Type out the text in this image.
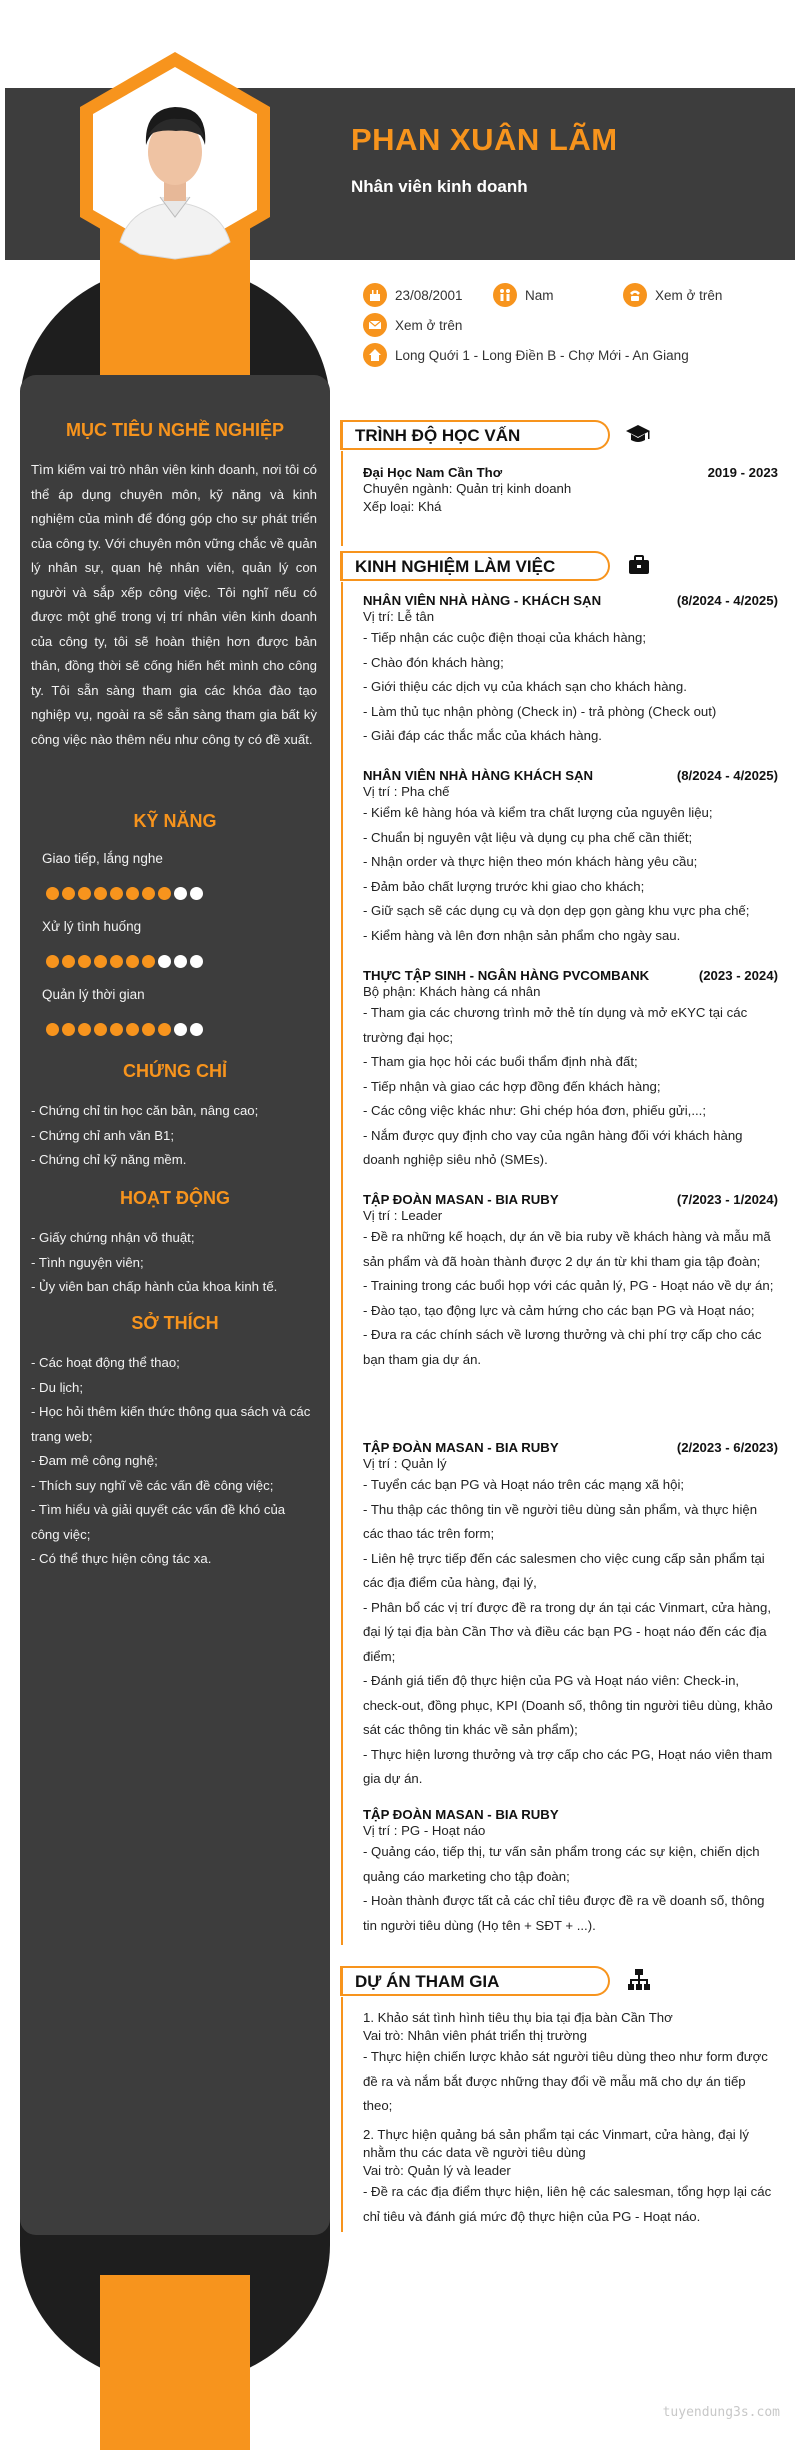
PHAN XUÂN LÃM
Nhân viên kinh doanh
23/08/2001	Nam	Xem ở trên
Xem ở trên
Long Quới 1 - Long Điền B - Chợ Mới - An Giang
MỤC TIÊU NGHỀ NGHIỆP
Tìm kiếm vai trò nhân viên kinh doanh, nơi tôi có thể áp dụng chuyên môn, kỹ năng và kinh nghiệm của mình để đóng góp cho sự phát triển của công ty. Với chuyên môn vững chắc về quản lý nhân sự, quan hệ nhân viên, quản lý con người và sắp xếp công việc. Tôi nghĩ nếu có được một ghế trong vị trí nhân viên kinh doanh của công ty, tôi sẽ hoàn thiện hơn được bản thân, đồng thời sẽ cống hiến hết mình cho công ty. Tôi sẵn sàng tham gia các khóa đào tạo nghiệp vụ, ngoài ra sẽ sẵn sàng tham gia bất kỳ công việc nào thêm nếu như công ty có đề xuất.
KỸ NĂNG
Giao tiếp, lắng nghe
Xử lý tình huống
Quản lý thời gian
CHỨNG CHỈ
- Chứng chỉ tin học căn bản, nâng cao;
- Chứng chỉ anh văn B1;
- Chứng chỉ kỹ năng mềm.
HOẠT ĐỘNG
- Giấy chứng nhận võ thuật;
- Tình nguyện viên;
- Ủy viên ban chấp hành của khoa kinh tế.
SỞ THÍCH
- Các hoạt động thể thao;
- Du lịch;
- Học hỏi thêm kiến thức thông qua sách và các trang web;
- Đam mê công nghệ;
- Thích suy nghĩ về các vấn đề công việc;
- Tìm hiểu và giải quyết các vấn đề khó của công việc;
- Có thể thực hiện công tác xa.
TRÌNH ĐỘ HỌC VẤN
Đại Học Nam Cần Thơ	2019 - 2023
Chuyên ngành: Quản trị kinh doanh
Xếp loại: Khá
KINH NGHIỆM LÀM VIỆC
NHÂN VIÊN NHÀ HÀNG - KHÁCH SẠN	(8/2024 - 4/2025)
Vị trí: Lễ tân
- Tiếp nhận các cuộc điện thoại của khách hàng;
- Chào đón khách hàng;
- Giới thiệu các dịch vụ của khách sạn cho khách hàng.
- Làm thủ tục nhận phòng (Check in) - trả phòng (Check out)
- Giải đáp các thắc mắc của khách hàng.
NHÂN VIÊN NHÀ HÀNG KHÁCH SẠN	(8/2024 - 4/2025)
Vị trí : Pha chế
- Kiểm kê hàng hóa và kiểm tra chất lượng của nguyên liệu;
- Chuẩn bị nguyên vật liệu và dụng cụ pha chế cần thiết;
- Nhận order và thực hiện theo món khách hàng yêu cầu;
- Đảm bảo chất lượng trước khi giao cho khách;
- Giữ sạch sẽ các dụng cụ và dọn dẹp gọn gàng khu vực pha chế;
- Kiểm hàng và lên đơn nhận sản phẩm cho ngày sau.
THỰC TẬP SINH - NGÂN HÀNG PVCOMBANK	(2023 - 2024)
Bộ phận: Khách hàng cá nhân
- Tham gia các chương trình mở thẻ tín dụng và mở eKYC tại các trường đại học;
- Tham gia học hỏi các buổi thẩm định nhà đất;
- Tiếp nhận và giao các hợp đồng đến khách hàng;
- Các công việc khác như: Ghi chép hóa đơn, phiếu gửi,...;
- Nắm được quy định cho vay của ngân hàng đối với khách hàng doanh nghiệp siêu nhỏ (SMEs).
TẬP ĐOÀN MASAN - BIA RUBY	(7/2023 - 1/2024)
Vị trí : Leader
- Đề ra những kế hoạch, dự án về bia ruby về khách hàng và mẫu mã sản phẩm và đã hoàn thành được 2 dự án từ khi tham gia tập đoàn;
- Training trong các buổi họp với các quản lý, PG - Hoạt náo về dự án;
- Đào tạo, tạo động lực và cảm hứng cho các bạn PG và Hoạt náo;
- Đưa ra các chính sách về lương thưởng và chi phí trợ cấp cho các bạn tham gia dự án.
TẬP ĐOÀN MASAN - BIA RUBY	(2/2023 - 6/2023)
Vị trí : Quản lý
- Tuyển các bạn PG và Hoạt náo trên các mạng xã hội;
- Thu thập các thông tin về người tiêu dùng sản phẩm, và thực hiện các thao tác trên form;
- Liên hệ trực tiếp đến các salesmen cho việc cung cấp sản phẩm tại các địa điểm của hàng, đại lý,
- Phân bổ các vị trí được đề ra trong dự án tại các Vinmart, cửa hàng, đại lý tại địa bàn Cần Thơ và điều các bạn PG - hoạt náo đến các địa điểm;
- Đánh giá tiến độ thực hiện của PG và Hoạt náo viên: Check-in, check-out, đồng phục, KPI (Doanh số, thông tin người tiêu dùng, khảo sát các thông tin khác về sản phẩm);
- Thực hiện lương thưởng và trợ cấp cho các PG, Hoạt náo viên tham gia dự án.
TẬP ĐOÀN MASAN - BIA RUBY
Vị trí : PG - Hoạt náo
- Quảng cáo, tiếp thị, tư vấn sản phẩm trong các sự kiện, chiến dịch quảng cáo marketing cho tập đoàn;
- Hoàn thành được tất cả các chỉ tiêu được đề ra về doanh số, thông tin người tiêu dùng (Họ tên + SĐT + ...).
DỰ ÁN THAM GIA
1. Khảo sát tình hình tiêu thụ bia tại địa bàn Cần Thơ
Vai trò: Nhân viên phát triển thị trường
- Thực hiện chiến lược khảo sát người tiêu dùng theo như form được đề ra và nắm bắt được những thay đổi về mẫu mã cho dự án tiếp theo;
2. Thực hiện quảng bá sản phẩm tại các Vinmart, cửa hàng, đại lý nhằm thu các data về người tiêu dùng
Vai trò: Quản lý và leader
- Đề ra các địa điểm thực hiện, liên hệ các salesman, tổng hợp lại các chỉ tiêu và đánh giá mức độ thực hiện của PG - Hoạt náo.
tuyendung3s.com
